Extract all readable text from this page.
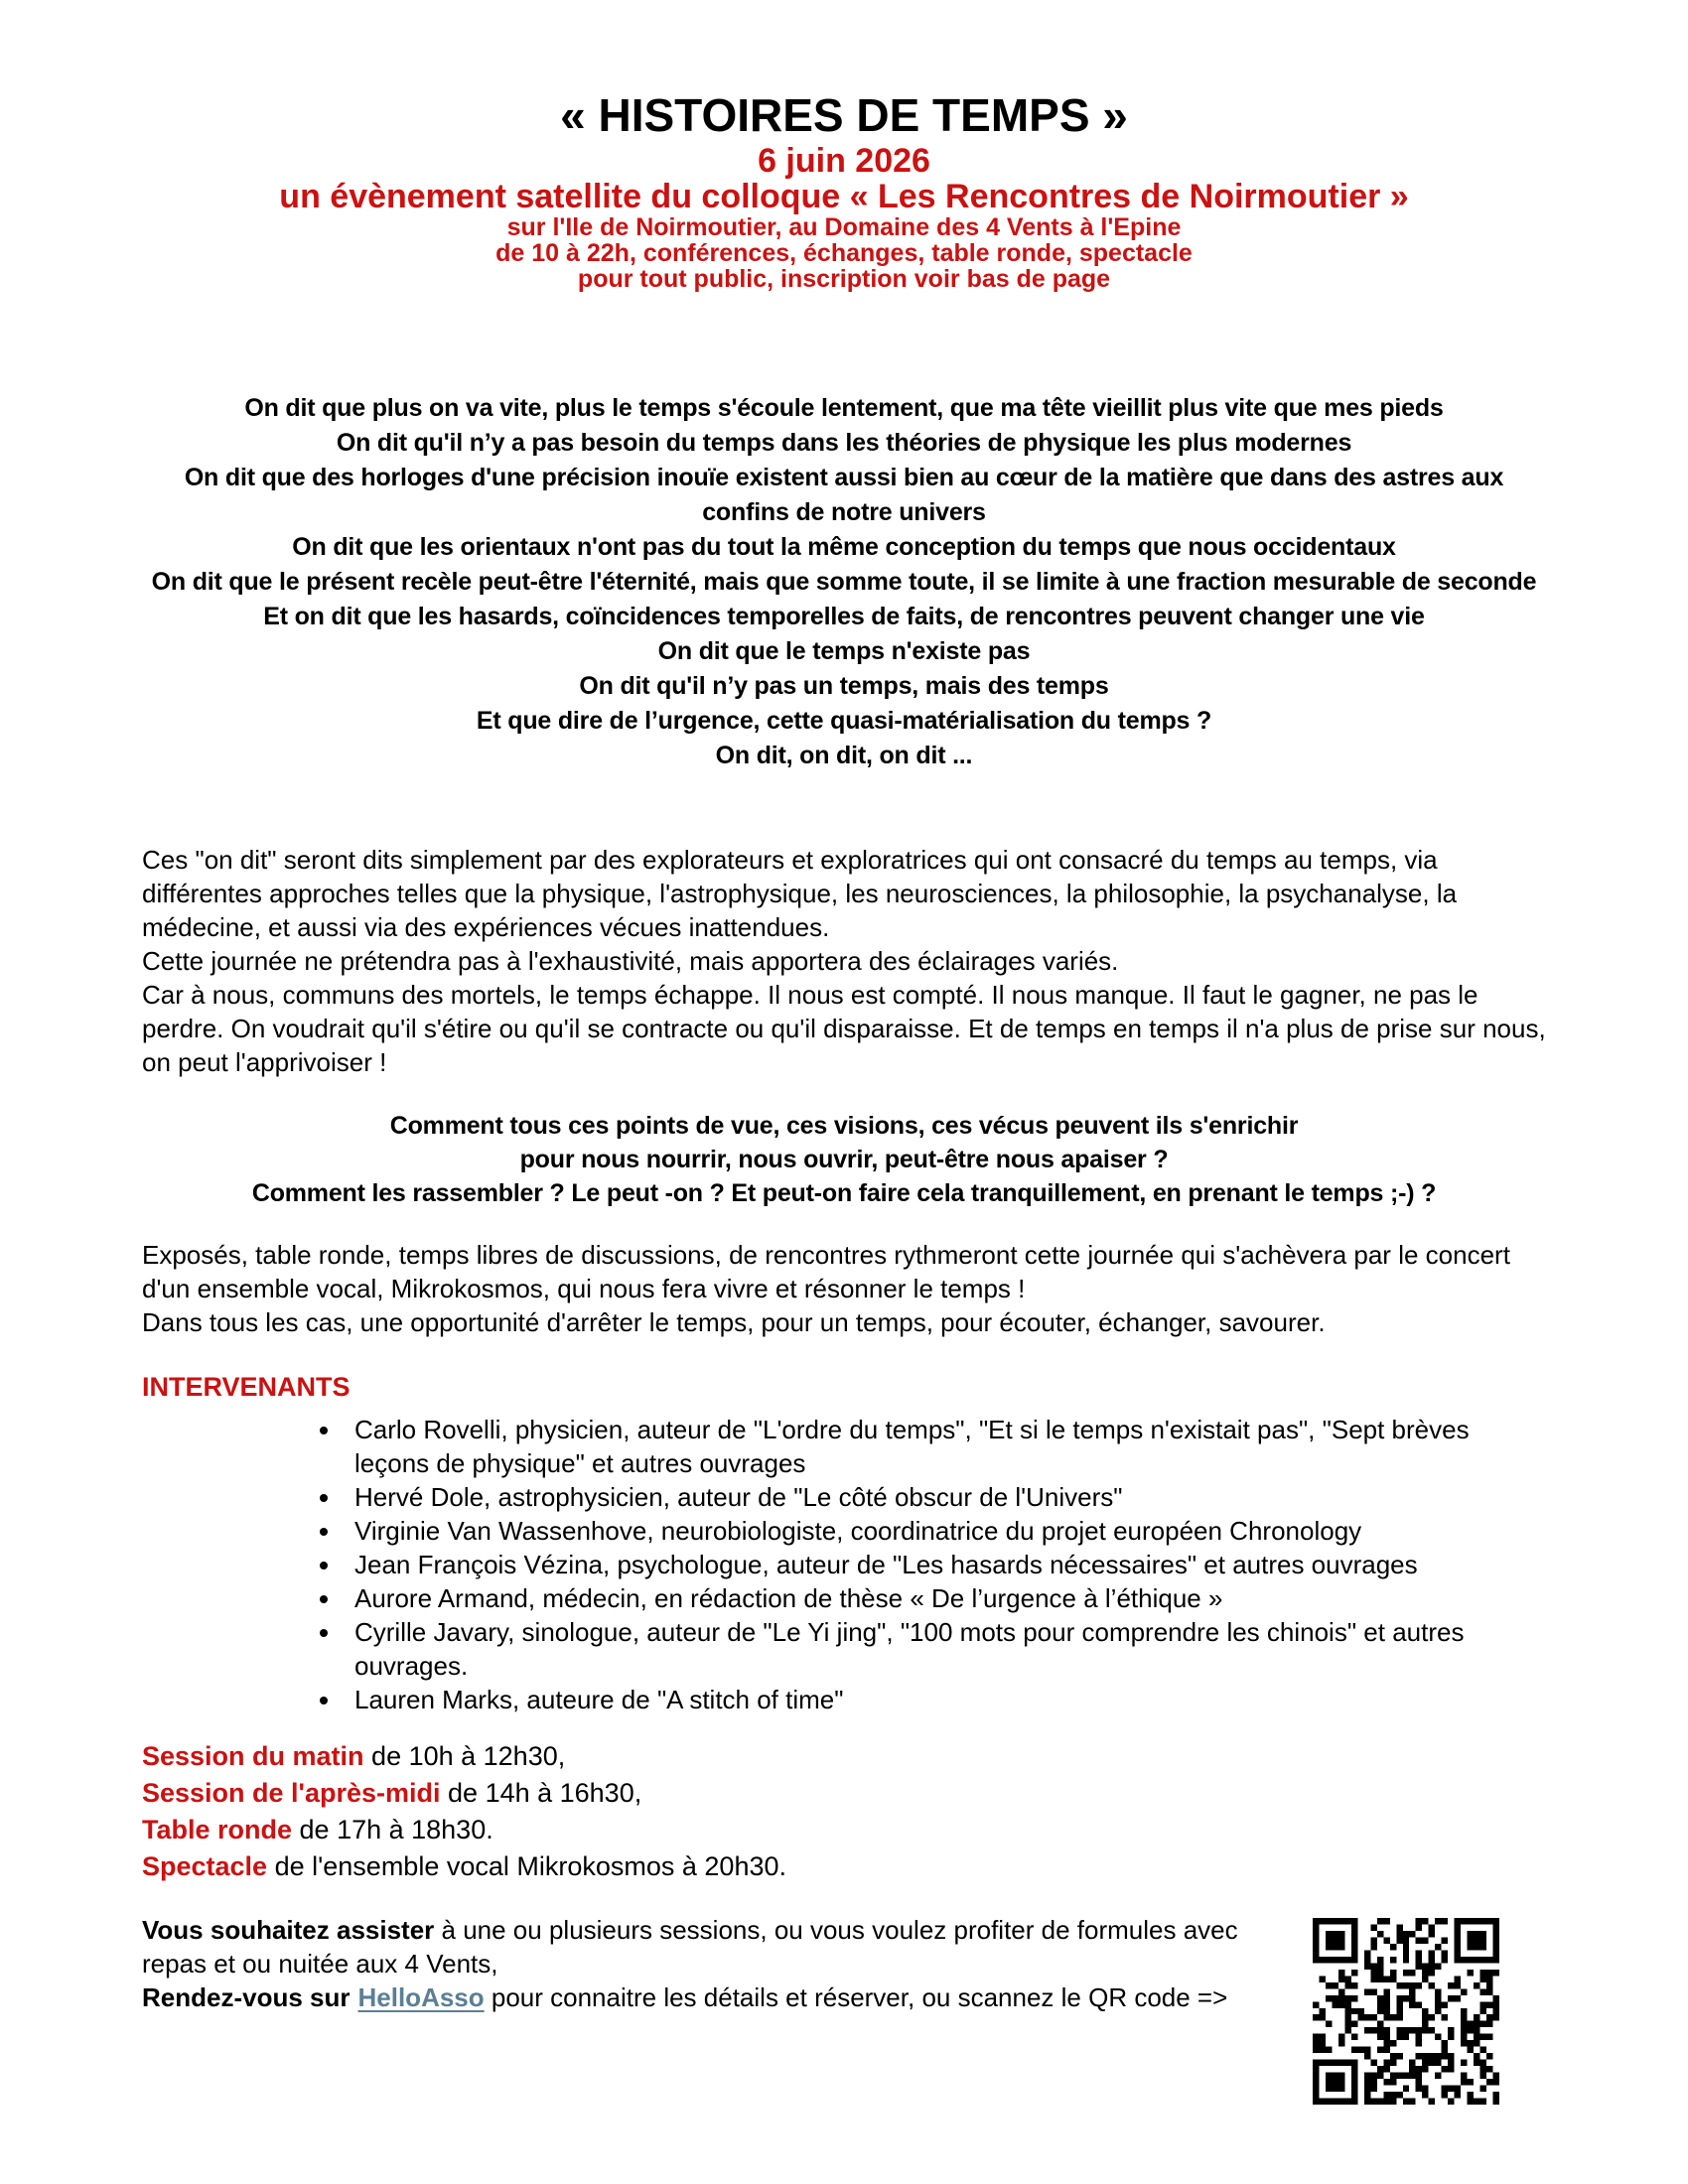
« HISTOIRES DE TEMPS »
6 juin 2026
un évènement satellite du colloque « Les Rencontres de Noirmoutier »
sur l'Ile de Noirmoutier, au Domaine des 4 Vents à l'Epine
de 10 à 22h, conférences, échanges, table ronde, spectacle
pour tout public, inscription voir bas de page
On dit que plus on va vite, plus le temps s'écoule lentement, que ma tête vieillit plus vite que mes pieds
On dit qu'il n’y a pas besoin du temps dans les théories de physique les plus modernes
On dit que des horloges d'une précision inouïe existent aussi bien au cœur de la matière que dans des astres aux confins de notre univers
On dit que les orientaux n'ont pas du tout la même conception du temps que nous occidentaux
On dit que le présent recèle peut-être l'éternité, mais que somme toute, il se limite à une fraction mesurable de seconde
Et on dit que les hasards, coïncidences temporelles de faits, de rencontres peuvent changer une vie
On dit que le temps n'existe pas
On dit qu'il n’y pas un temps, mais des temps
Et que dire de l’urgence, cette quasi-matérialisation du temps ?
On dit, on dit, on dit ...

Ces "on dit" seront dits simplement par des explorateurs et exploratrices qui ont consacré du temps au temps, via différentes approches telles que la physique, l'astrophysique, les neurosciences, la philosophie, la psychanalyse, la médecine, et aussi via des expériences vécues inattendues.

Cette journée ne prétendra pas à l'exhaustivité, mais apportera des éclairages variés.

Car à nous, communs des mortels, le temps échappe. Il nous est compté. Il nous manque. Il faut le gagner, ne pas le perdre. On voudrait qu'il s'étire ou qu'il se contracte ou qu'il disparaisse. Et de temps en temps il n'a plus de prise sur nous, on peut l'apprivoiser !

Comment tous ces points de vue, ces visions, ces vécus peuvent ils s'enrichir
pour nous nourrir, nous ouvrir, peut-être nous apaiser ?
Comment les rassembler ? Le peut -on ? Et peut-on faire cela tranquillement, en prenant le temps ;-) ?

Exposés, table ronde, temps libres de discussions, de rencontres rythmeront cette journée qui s'achèvera par le concert d'un ensemble vocal, Mikrokosmos, qui nous fera vivre et résonner le temps !

Dans tous les cas, une opportunité d'arrêter le temps, pour un temps, pour écouter, échanger, savourer.

INTERVENANTS
• Carlo Rovelli, physicien, auteur de "L'ordre du temps", "Et si le temps n'existait pas", "Sept brèves leçons de physique" et autres ouvrages
• Hervé Dole, astrophysicien, auteur de "Le côté obscur de l'Univers"
• Virginie Van Wassenhove, neurobiologiste, coordinatrice du projet européen Chronology
• Jean François Vézina, psychologue, auteur de "Les hasards nécessaires" et autres ouvrages
• Aurore Armand, médecin, en rédaction de thèse « De l’urgence à l’éthique »
• Cyrille Javary, sinologue, auteur de "Le Yi jing", "100 mots pour comprendre les chinois" et autres ouvrages.
• Lauren Marks, auteure de "A stitch of time"
Session du matin de 10h à 12h30,
Session de l'après-midi de 14h à 16h30,
Table ronde de 17h à 18h30.
Spectacle de l'ensemble vocal Mikrokosmos à 20h30.

Vous souhaitez assister à une ou plusieurs sessions, ou vous voulez profiter de formules avec repas et ou nuitée aux 4 Vents,

Rendez-vous sur HelloAsso pour connaitre les détails et réserver, ou scannez le QR code =>
